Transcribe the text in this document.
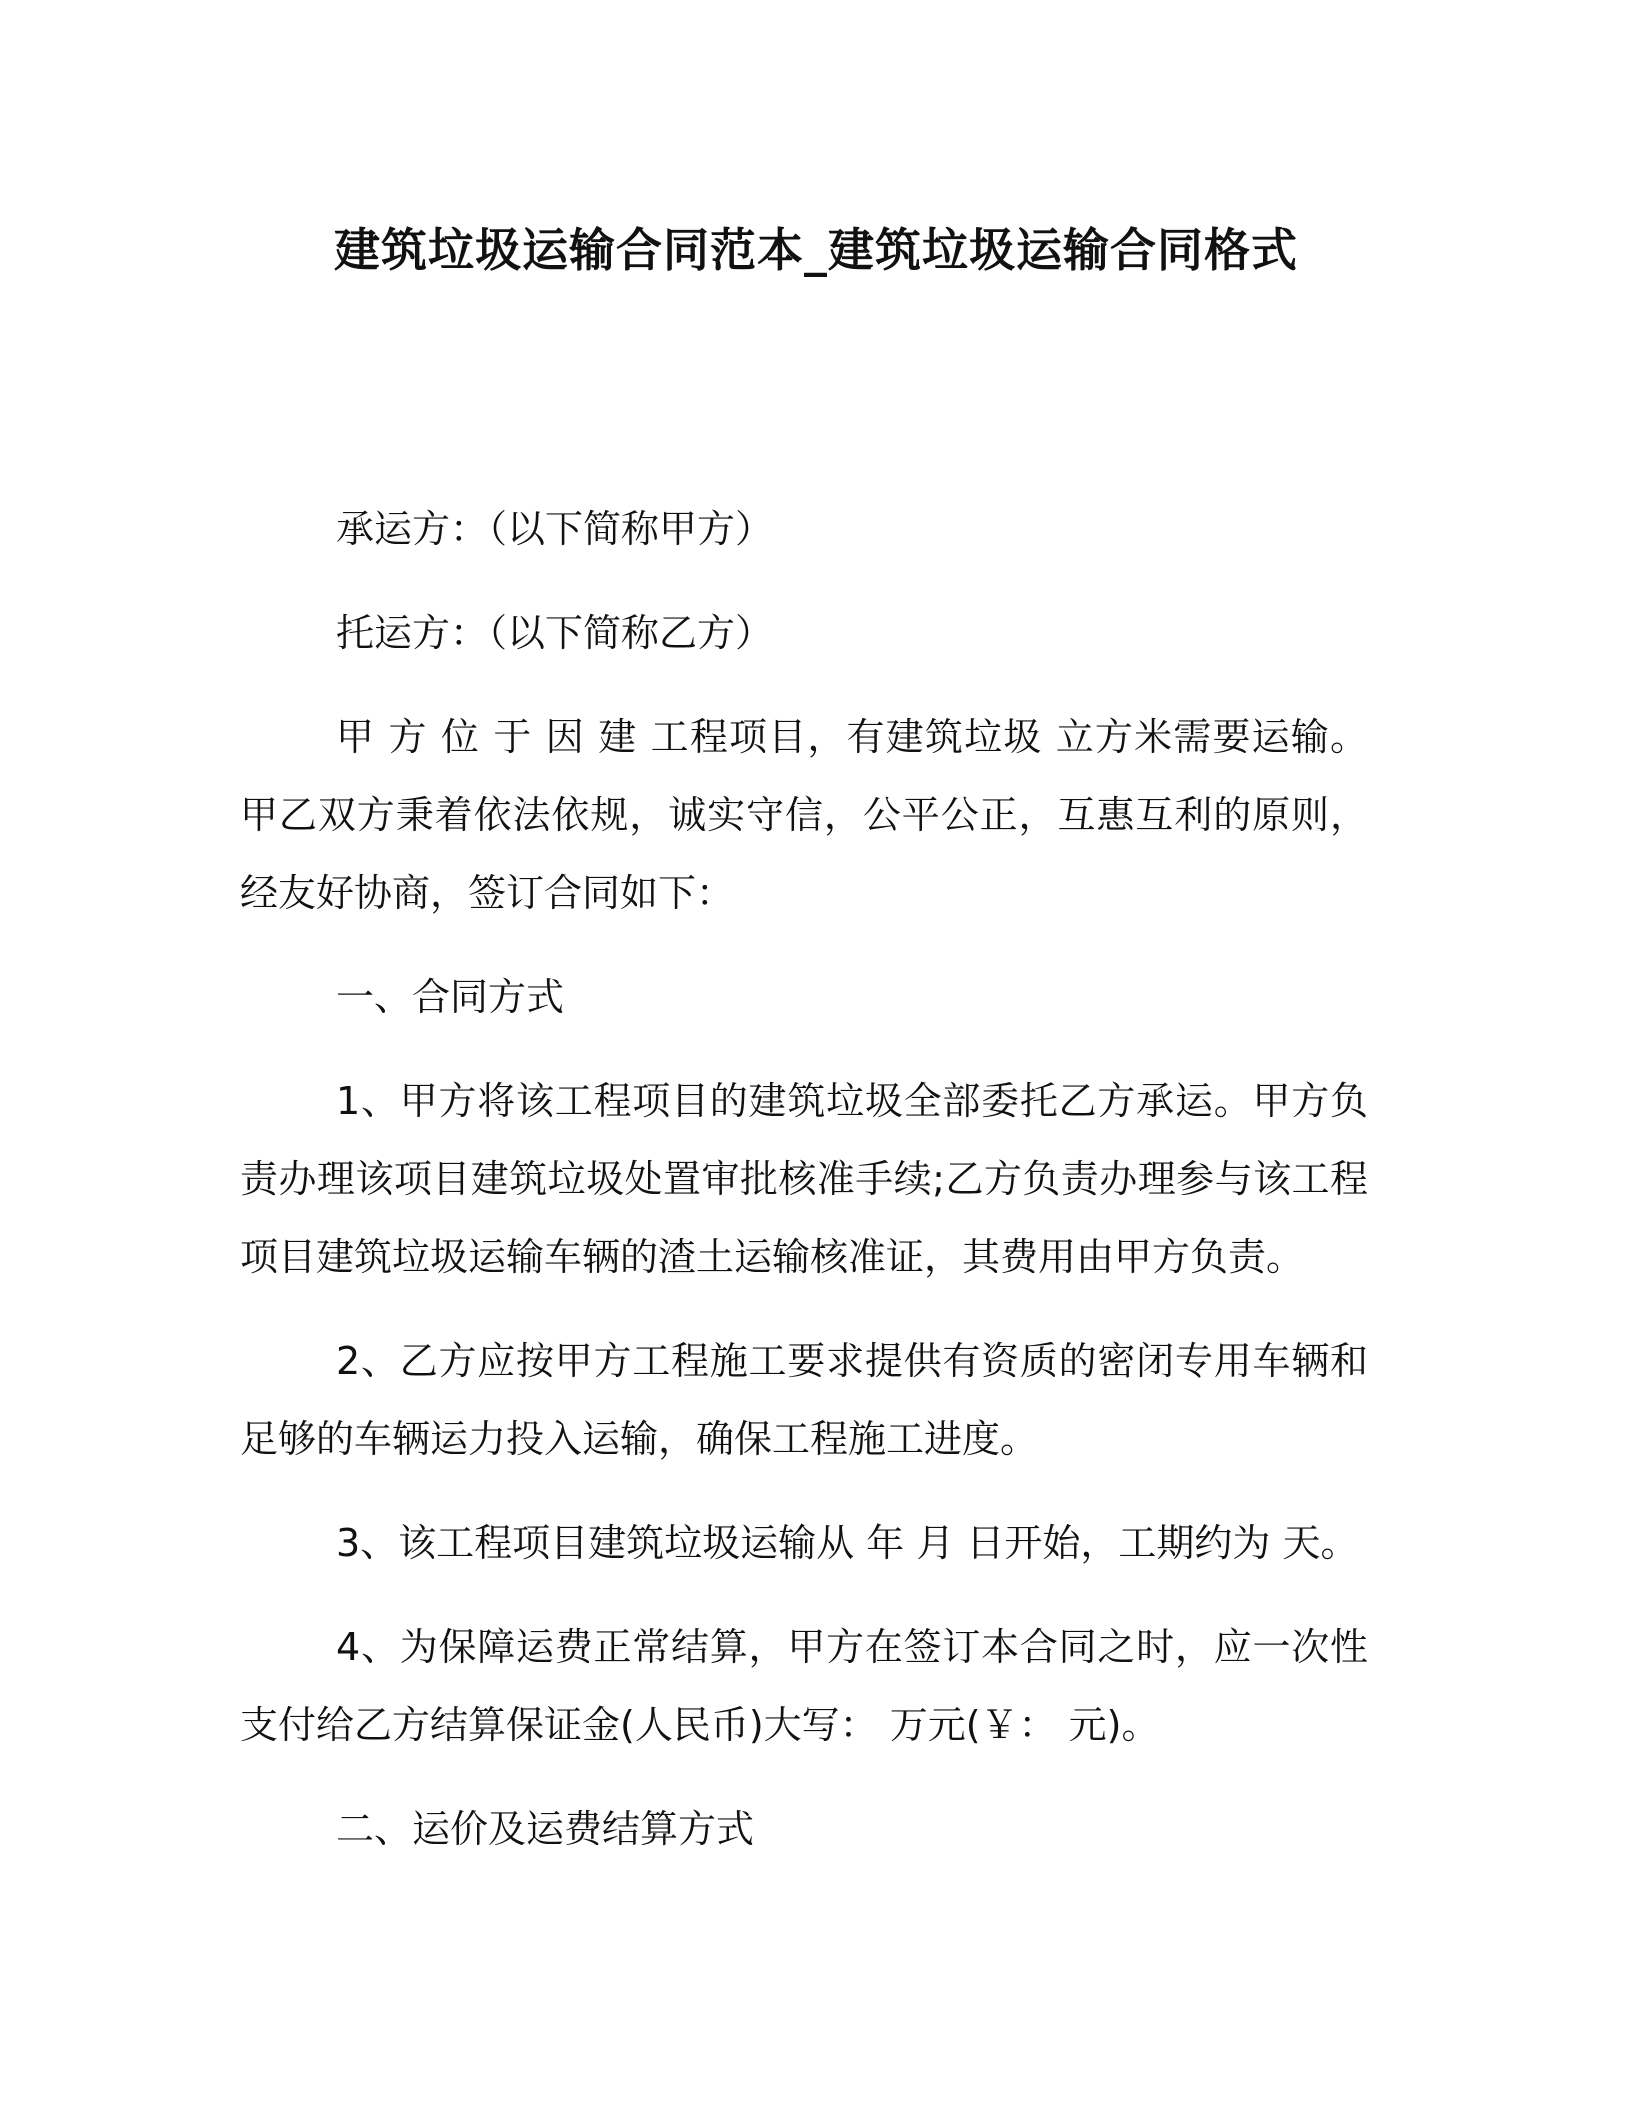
建筑垃圾运输合同范本_建筑垃圾运输合同格式

承运方：（以下简称甲方）

托运方：（以下简称乙方）

甲 方 位 于 因 建 工程项目，有建筑垃圾 立方米需要运输。甲乙双方秉着依法依规，诚实守信，公平公正，互惠互利的原则，经友好协商，签订合同如下：

一、合同方式

1、甲方将该工程项目的建筑垃圾全部委托乙方承运。甲方负责办理该项目建筑垃圾处置审批核准手续;乙方负责办理参与该工程项目建筑垃圾运输车辆的渣土运输核准证，其费用由甲方负责。

2、乙方应按甲方工程施工要求提供有资质的密闭专用车辆和足够的车辆运力投入运输，确保工程施工进度。

3、该工程项目建筑垃圾运输从 年 月 日开始，工期约为 天。

4、为保障运费正常结算，甲方在签订本合同之时，应一次性支付给乙方结算保证金(人民币)大写： 万元(￥： 元)。

二、运价及运费结算方式
